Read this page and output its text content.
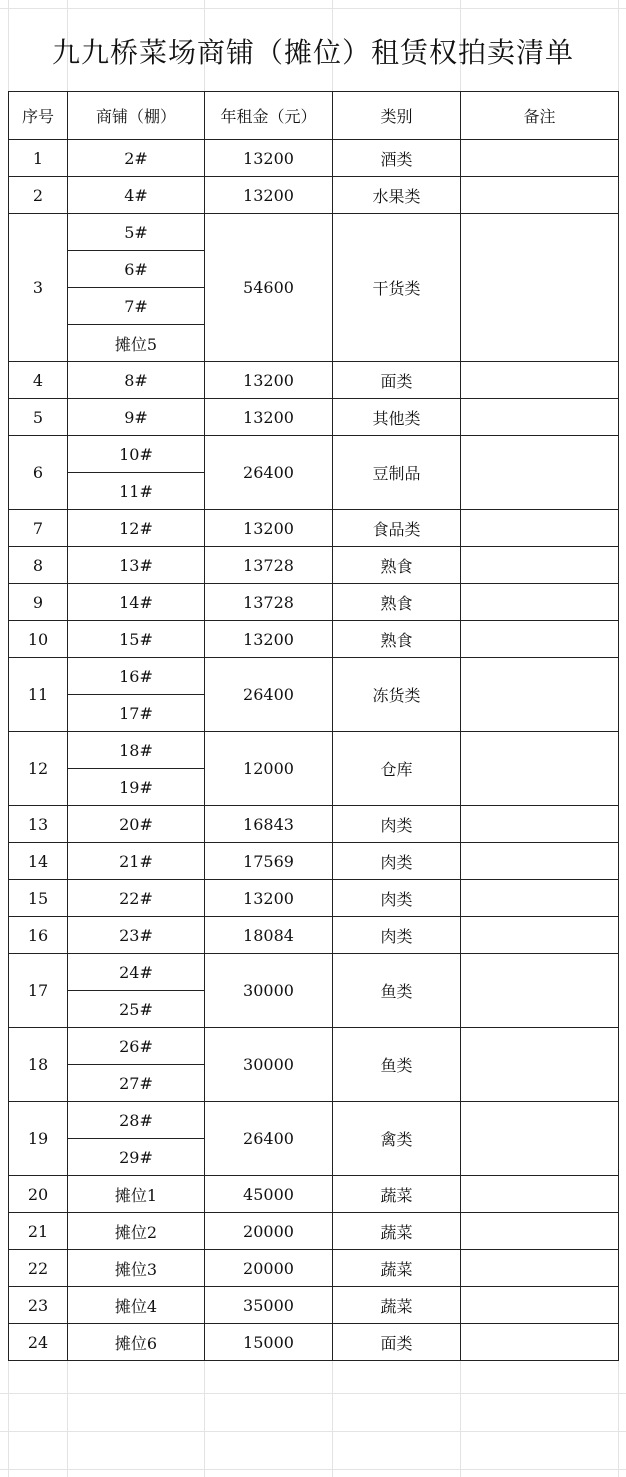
九九桥菜场商铺（摊位）租赁权拍卖清单
序号	商铺（棚）	年租金（元）	类别	备注
1	2#	13200	酒类	
2	4#	13200	水果类	
3	5#	54600	干货类	
	6#			
	7#			
	摊位5			
4	8#	13200	面类	
5	9#	13200	其他类	
6	10#	26400	豆制品	
	11#			
7	12#	13200	食品类	
8	13#	13728	熟食	
9	14#	13728	熟食	
10	15#	13200	熟食	
11	16#	26400	冻货类	
	17#			
12	18#	12000	仓库	
	19#			
13	20#	16843	肉类	
14	21#	17569	肉类	
15	22#	13200	肉类	
16	23#	18084	肉类	
17	24#	30000	鱼类	
	25#			
18	26#	30000	鱼类	
	27#			
19	28#	26400	禽类	
	29#			
20	摊位1	45000	蔬菜	
21	摊位2	20000	蔬菜	
22	摊位3	20000	蔬菜	
23	摊位4	35000	蔬菜	
24	摊位6	15000	面类	
